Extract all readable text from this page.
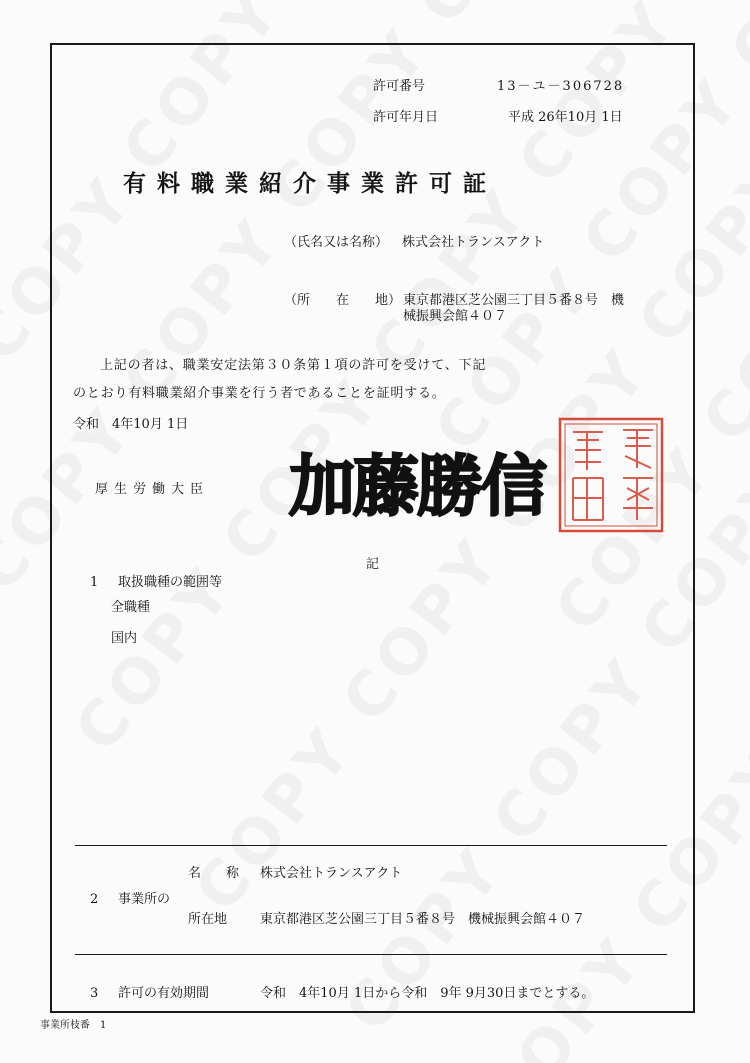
許可番号	13－ユ－306728
許可年月日	平成 26年10月 1日
有料職業紹介事業許可証
（氏名又は名称） 株式会社トランスアクト
（所　　在　　地） 東京都港区芝公園三丁目５番８号　機
械振興会館４０７
上記の者は、職業安定法第３０条第１項の許可を受けて、下記
のとおり有料職業紹介事業を行う者であることを証明する。
令和　4年10月 1日
厚生労働大臣 加藤勝信
厚生労働大臣之印
記
1 取扱職種の範囲等
全職種
国内
名　称 株式会社トランスアクト
2 事業所の
所在地	東京都港区芝公園三丁目５番８号　機械振興会館４０７
3 許可の有効期間	令和　4年10月 1日から令和　9年 9月30日までとする。
事業所枝番　1
